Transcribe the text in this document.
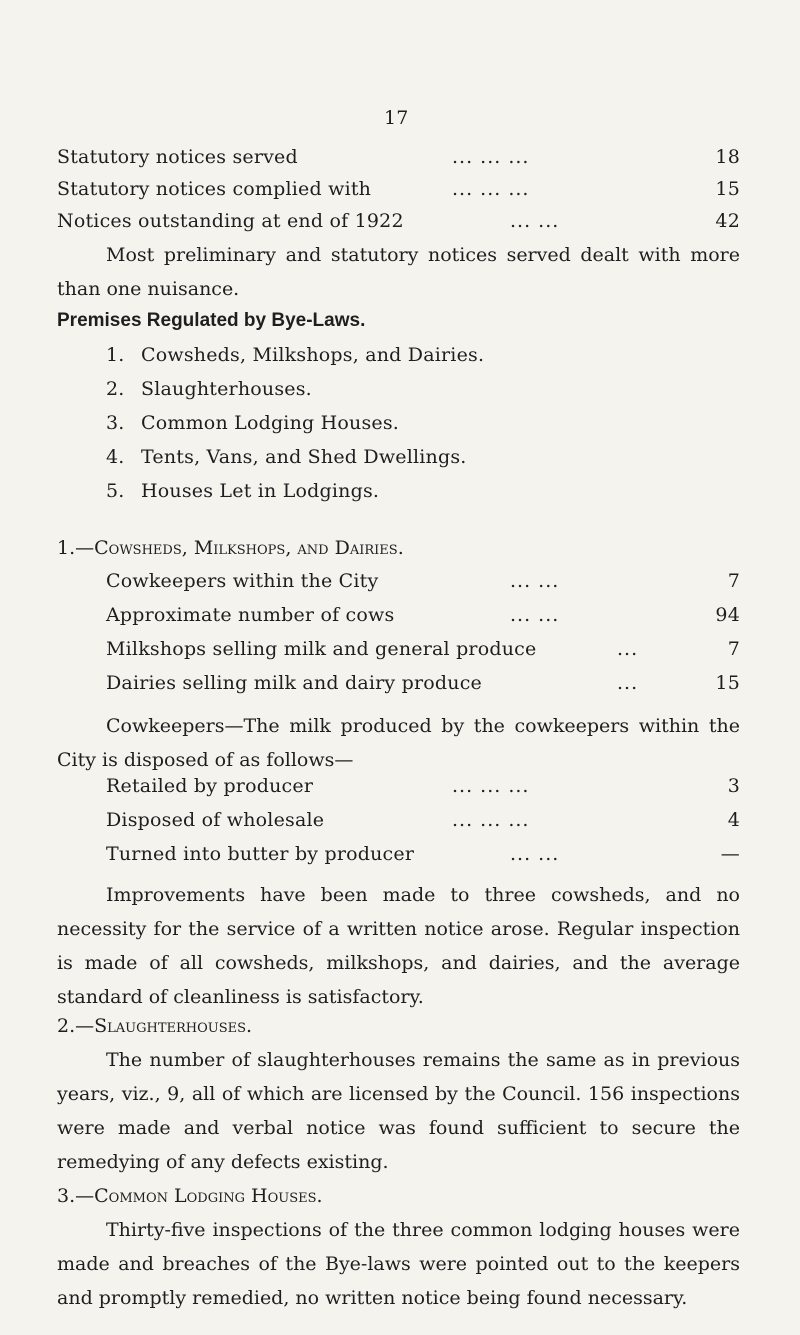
17
Statutory notices served	... ... ...	18
Statutory notices complied with	... ... ...	15
Notices outstanding at end of 1922	... ...	42
Most preliminary and statutory notices served dealt with more than one nuisance.
Premises Regulated by Bye-Laws.
1. Cowsheds, Milkshops, and Dairies.
2. Slaughterhouses.
3. Common Lodging Houses.
4. Tents, Vans, and Shed Dwellings.
5. Houses Let in Lodgings.
1.—Cowsheds, Milkshops, and Dairies.
Cowkeepers within the City	... ...	7
Approximate number of cows	... ...	94
Milkshops selling milk and general produce	...	7
Dairies selling milk and dairy produce	...	15
Cowkeepers—The milk produced by the cowkeepers within the City is disposed of as follows—
Retailed by producer	... ... ...	3
Disposed of wholesale	... ... ...	4
Turned into butter by producer	... ...	—
Improvements have been made to three cowsheds, and no necessity for the service of a written notice arose. Regular inspection is made of all cowsheds, milkshops, and dairies, and the average standard of cleanliness is satisfactory.
2.—Slaughterhouses.
The number of slaughterhouses remains the same as in previous years, viz., 9, all of which are licensed by the Council. 156 inspections were made and verbal notice was found sufficient to secure the remedying of any defects existing.
3.—Common Lodging Houses.
Thirty-five inspections of the three common lodging houses were made and breaches of the Bye-laws were pointed out to the keepers and promptly remedied, no written notice being found necessary.
